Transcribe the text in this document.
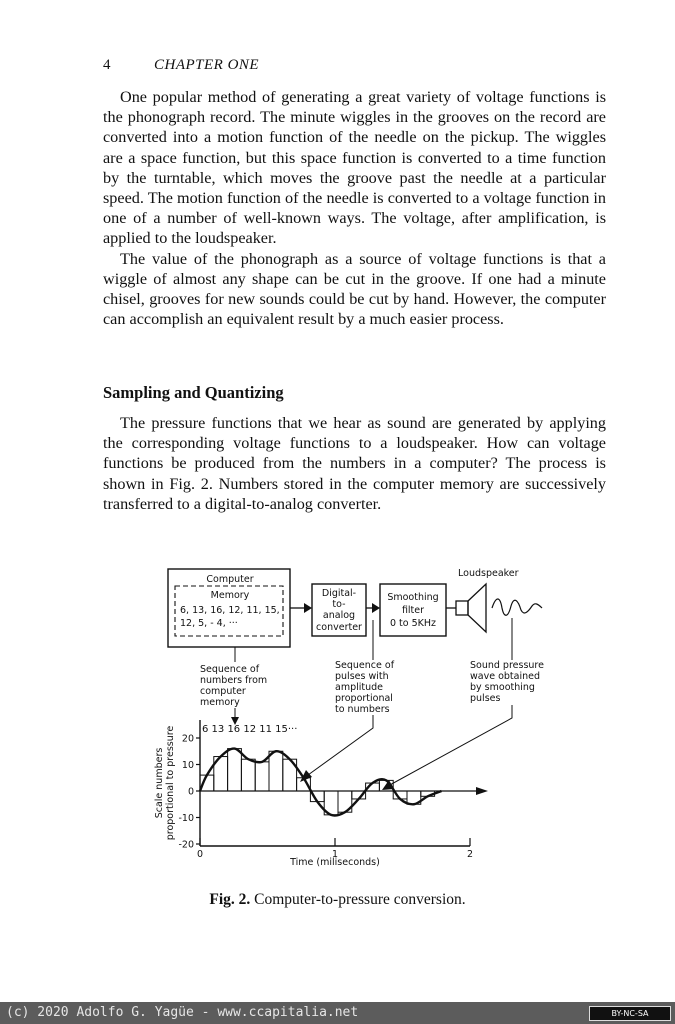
4	CHAPTER ONE

One popular method of generating a great variety of voltage functions is the phonograph record. The minute wiggles in the grooves on the record are converted into a motion function of the needle on the pickup. The wiggles are a space function, but this space function is converted to a time function by the turntable, which moves the groove past the needle at a particular speed. The motion function of the needle is converted to a voltage function in one of a number of well-known ways. The voltage, after amplification, is applied to the loudspeaker.

The value of the phonograph as a source of voltage functions is that a wiggle of almost any shape can be cut in the groove. If one had a minute chisel, grooves for new sounds could be cut by hand. However, the computer can accomplish an equivalent result by a much easier process.

Sampling and Quantizing

The pressure functions that we hear as sound are generated by applying the corresponding voltage functions to a loudspeaker. How can voltage functions be produced from the numbers in a computer? The process is shown in Fig. 2. Numbers stored in the computer memory are successively transferred to a digital-to-analog converter.

Computer
Memory
6, 13, 16, 12, 11, 15,
12, 5, - 4, ···
Digital-
to-
analog
converter
Smoothing
filter
0 to 5KHz
Loudspeaker
Sequence of
numbers from
computer
memory
Sequence of
pulses with
amplitude
proportional
to numbers
Sound pressure
wave obtained
by smoothing
pulses
6 13 16 12 11 15···
20
10
0
-10
-20
0	1	2
Scale numbers proportional to pressure
Time (miliseconds)
Fig. 2. Computer-to-pressure conversion.
(c) 2020 Adolfo G. Yagüe - www.ccapitalia.net	BY-NC-SA
